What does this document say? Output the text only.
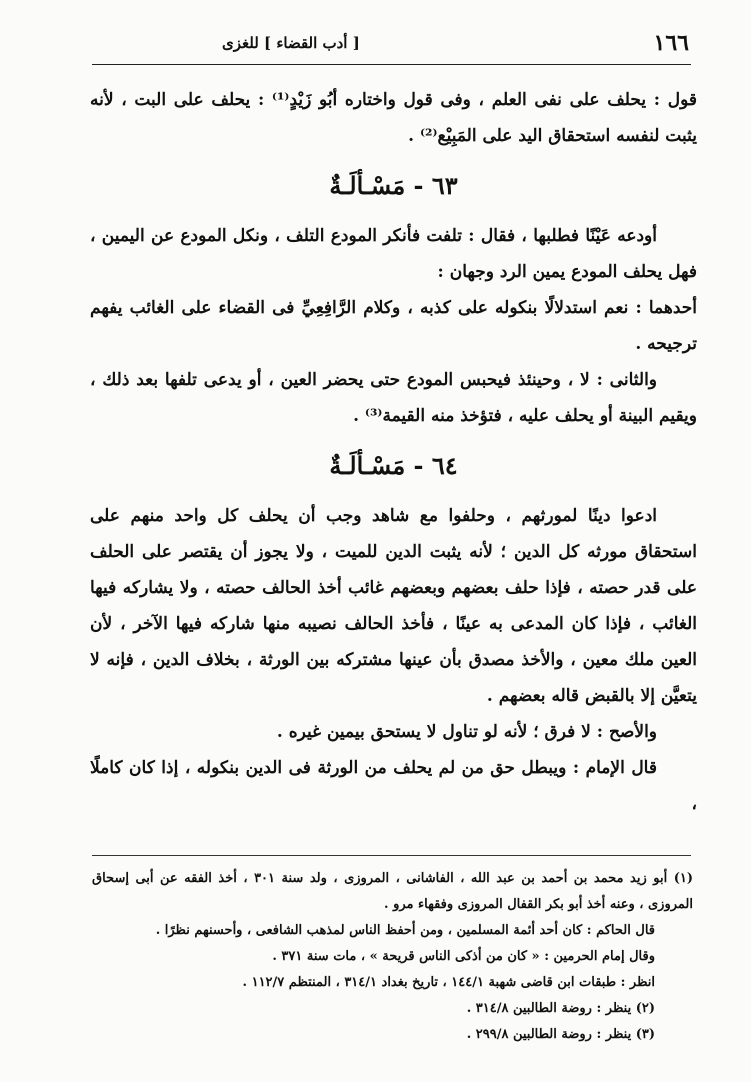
١٦٦
[ أدب القضاء ] للغزى

قول : يحلف على نفى العلم ، وفى قول واختاره أبُو زَيْدٍ⁽¹⁾ : يحلف على البت ، لأنه يثبت لنفسه استحقاق اليد على المَبِيْع⁽²⁾ .

٦٣ - مَسْـألَـةٌ

أودعه عَيْنًا فطلبها ، فقال : تلفت فأنكر المودع التلف ، ونكل المودع عن اليمين ، فهل يحلف المودع يمين الرد وجهان :

أحدهما : نعم استدلالًا بنكوله على كذبه ، وكلام الرَّافِعِيِّ فى القضاء على الغائب يفهم ترجيحه .

والثانى : لا ، وحينئذ فيحبس المودع حتى يحضر العين ، أو يدعى تلفها بعد ذلك ، ويقيم البينة أو يحلف عليه ، فتؤخذ منه القيمة⁽³⁾ .

٦٤ - مَسْـألَـةٌ

ادعوا دينًا لمورثهم ، وحلفوا مع شاهد وجب أن يحلف كل واحد منهم على استحقاق مورثه كل الدين ؛ لأنه يثبت الدين للميت ، ولا يجوز أن يقتصر على الحلف على قدر حصته ، فإذا حلف بعضهم وبعضهم غائب أخذ الحالف حصته ، ولا يشاركه فيها الغائب ، فإذا كان المدعى به عينًا ، فأخذ الحالف نصيبه منها شاركه فيها الآخر ، لأن العين ملك معين ، والأخذ مصدق بأن عينها مشتركه بين الورثة ، بخلاف الدين ، فإنه لا يتعيَّن إلا بالقبض قاله بعضهم .

والأصح : لا فرق ؛ لأنه لو تناول لا يستحق بيمين غيره .

قال الإمام : ويبطل حق من لم يحلف من الورثة فى الدين بنكوله ، إذا كان كاملًا ،

(١) أبو زيد محمد بن أحمد بن عبد الله ، الفاشانى ، المروزى ، ولد سنة ٣٠١ ، أخذ الفقه عن أبى إسحاق المروزى ، وعنه أخذ أبو بكر القفال المروزى وفقهاء مرو .

قال الحاكم : كان أحد أئمة المسلمين ، ومن أحفظ الناس لمذهب الشافعى ، وأحسنهم نظرًا .

وقال إمام الحرمين : « كان من أذكى الناس قريحة » ، مات سنة ٣٧١ .

انظر : طبقات ابن قاضى شهبة ١٤٤/١ ، تاريخ بغداد ٣١٤/١ ، المنتظم ١١٢/٧ .

(٢) ينظر : روضة الطالبين ٣١٤/٨ .

(٣) ينظر : روضة الطالبين ٢٩٩/٨ .
